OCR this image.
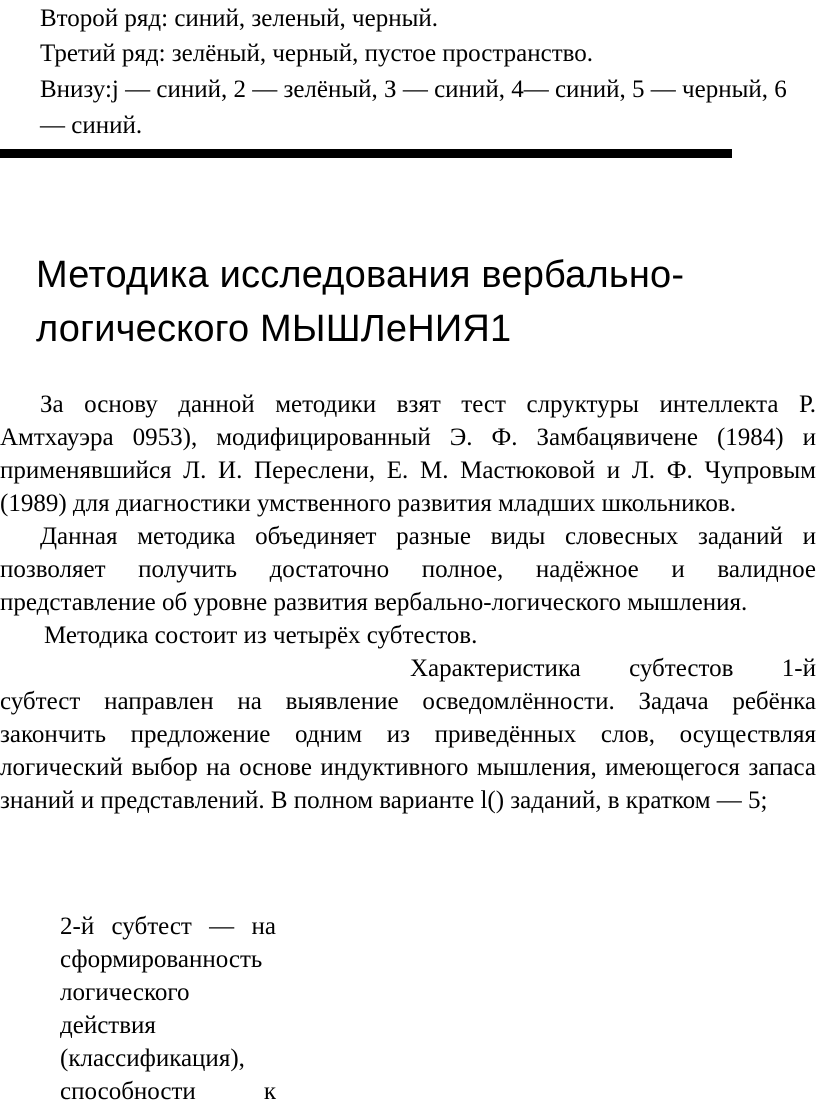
Второй ряд: синий, зеленый, черный.
Третий ряд: зелёный, черный, пустое пространство.
Внизу:j — синий, 2 — зелёный, З — синий, 4— синий, 5 — черный, 6 — синий.
Методика исследования вербально-логического МЫШЛеНИЯ1

За основу данной методики взят тест слруктуры интеллекта Р. Амтхауэра 0953), модифицированный Э. Ф. Замбацявичене (1984) и применявшийся Л. И. Переслени, Е. М. Мастюковой и Л. Ф. Чупровым (1989) для диагностики умственного развития младших школьников.

Данная методика объединяет разные виды словесных заданий и позволяет получить достаточно полное, надёжное и валидное представление об уровне развития вербально-логического мышления.

Методика состоит из четырёх субтестов.

Характеристика субтестов 1-й субтест направлен на выявление осведомлённости. Задача ребёнка закончить предложение одним из приведённых слов, осуществляя логический выбор на основе индуктивного мышления, имеющегося запаса знаний и представлений. В полном варианте l() заданий, в кратком — 5;

2-й субтест — на сформированность логического действия (классификация), способности к
